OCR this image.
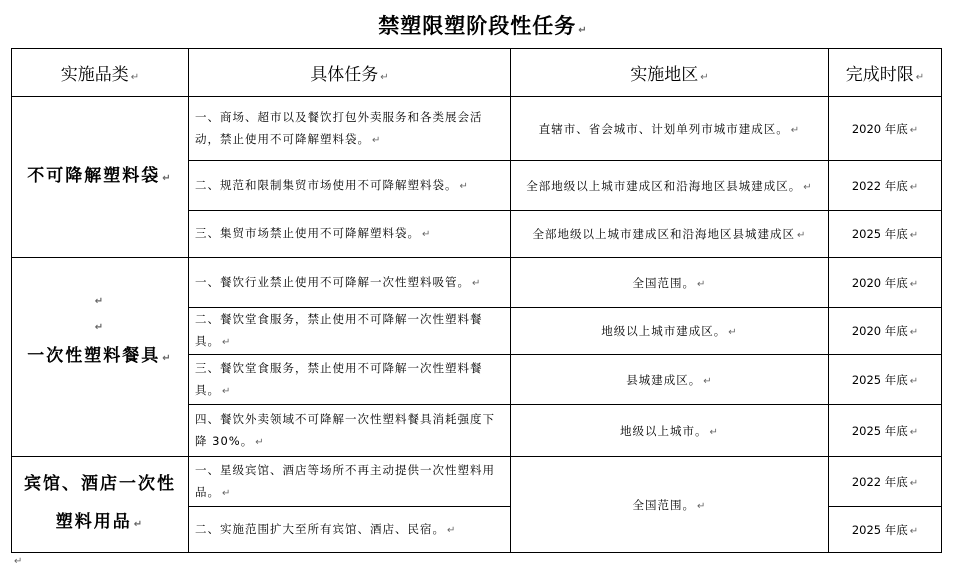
禁塑限塑阶段性任务 ↵
实施品类 ↵	具体任务 ↵	实施地区 ↵	完成时限 ↵
不可降解塑料袋 ↵	一、商场、超市以及餐饮打包外卖服务和各类展会活动，禁止使用不可降解塑料袋。 ↵	直辖市、省会城市、计划单列市城市建成区。 ↵	2020 年底 ↵
	二、规范和限制集贸市场使用不可降解塑料袋。 ↵	全部地级以上城市建成区和沿海地区县城建成区。 ↵	2022 年底 ↵
	三、集贸市场禁止使用不可降解塑料袋。 ↵	全部地级以上城市建成区和沿海地区县城建成区 ↵	2025 年底 ↵

↵
↵
一次性塑料餐具 ↵	一、餐饮行业禁止使用不可降解一次性塑料吸管。 ↵	全国范围。 ↵	2020 年底 ↵
	二、餐饮堂食服务，禁止使用不可降解一次性塑料餐具。 ↵	地级以上城市建成区。 ↵	2020 年底 ↵
	三、餐饮堂食服务，禁止使用不可降解一次性塑料餐具。 ↵	县城建成区。 ↵	2025 年底 ↵
	四、餐饮外卖领域不可降解一次性塑料餐具消耗强度下降 30%。 ↵	地级以上城市。 ↵	2025 年底 ↵
宾馆、酒店一次性
塑料用品 ↵	一、星级宾馆、酒店等场所不再主动提供一次性塑料用品。 ↵	全国范围。 ↵	2022 年底 ↵
	二、实施范围扩大至所有宾馆、酒店、民宿。 ↵		2025 年底 ↵
↵
